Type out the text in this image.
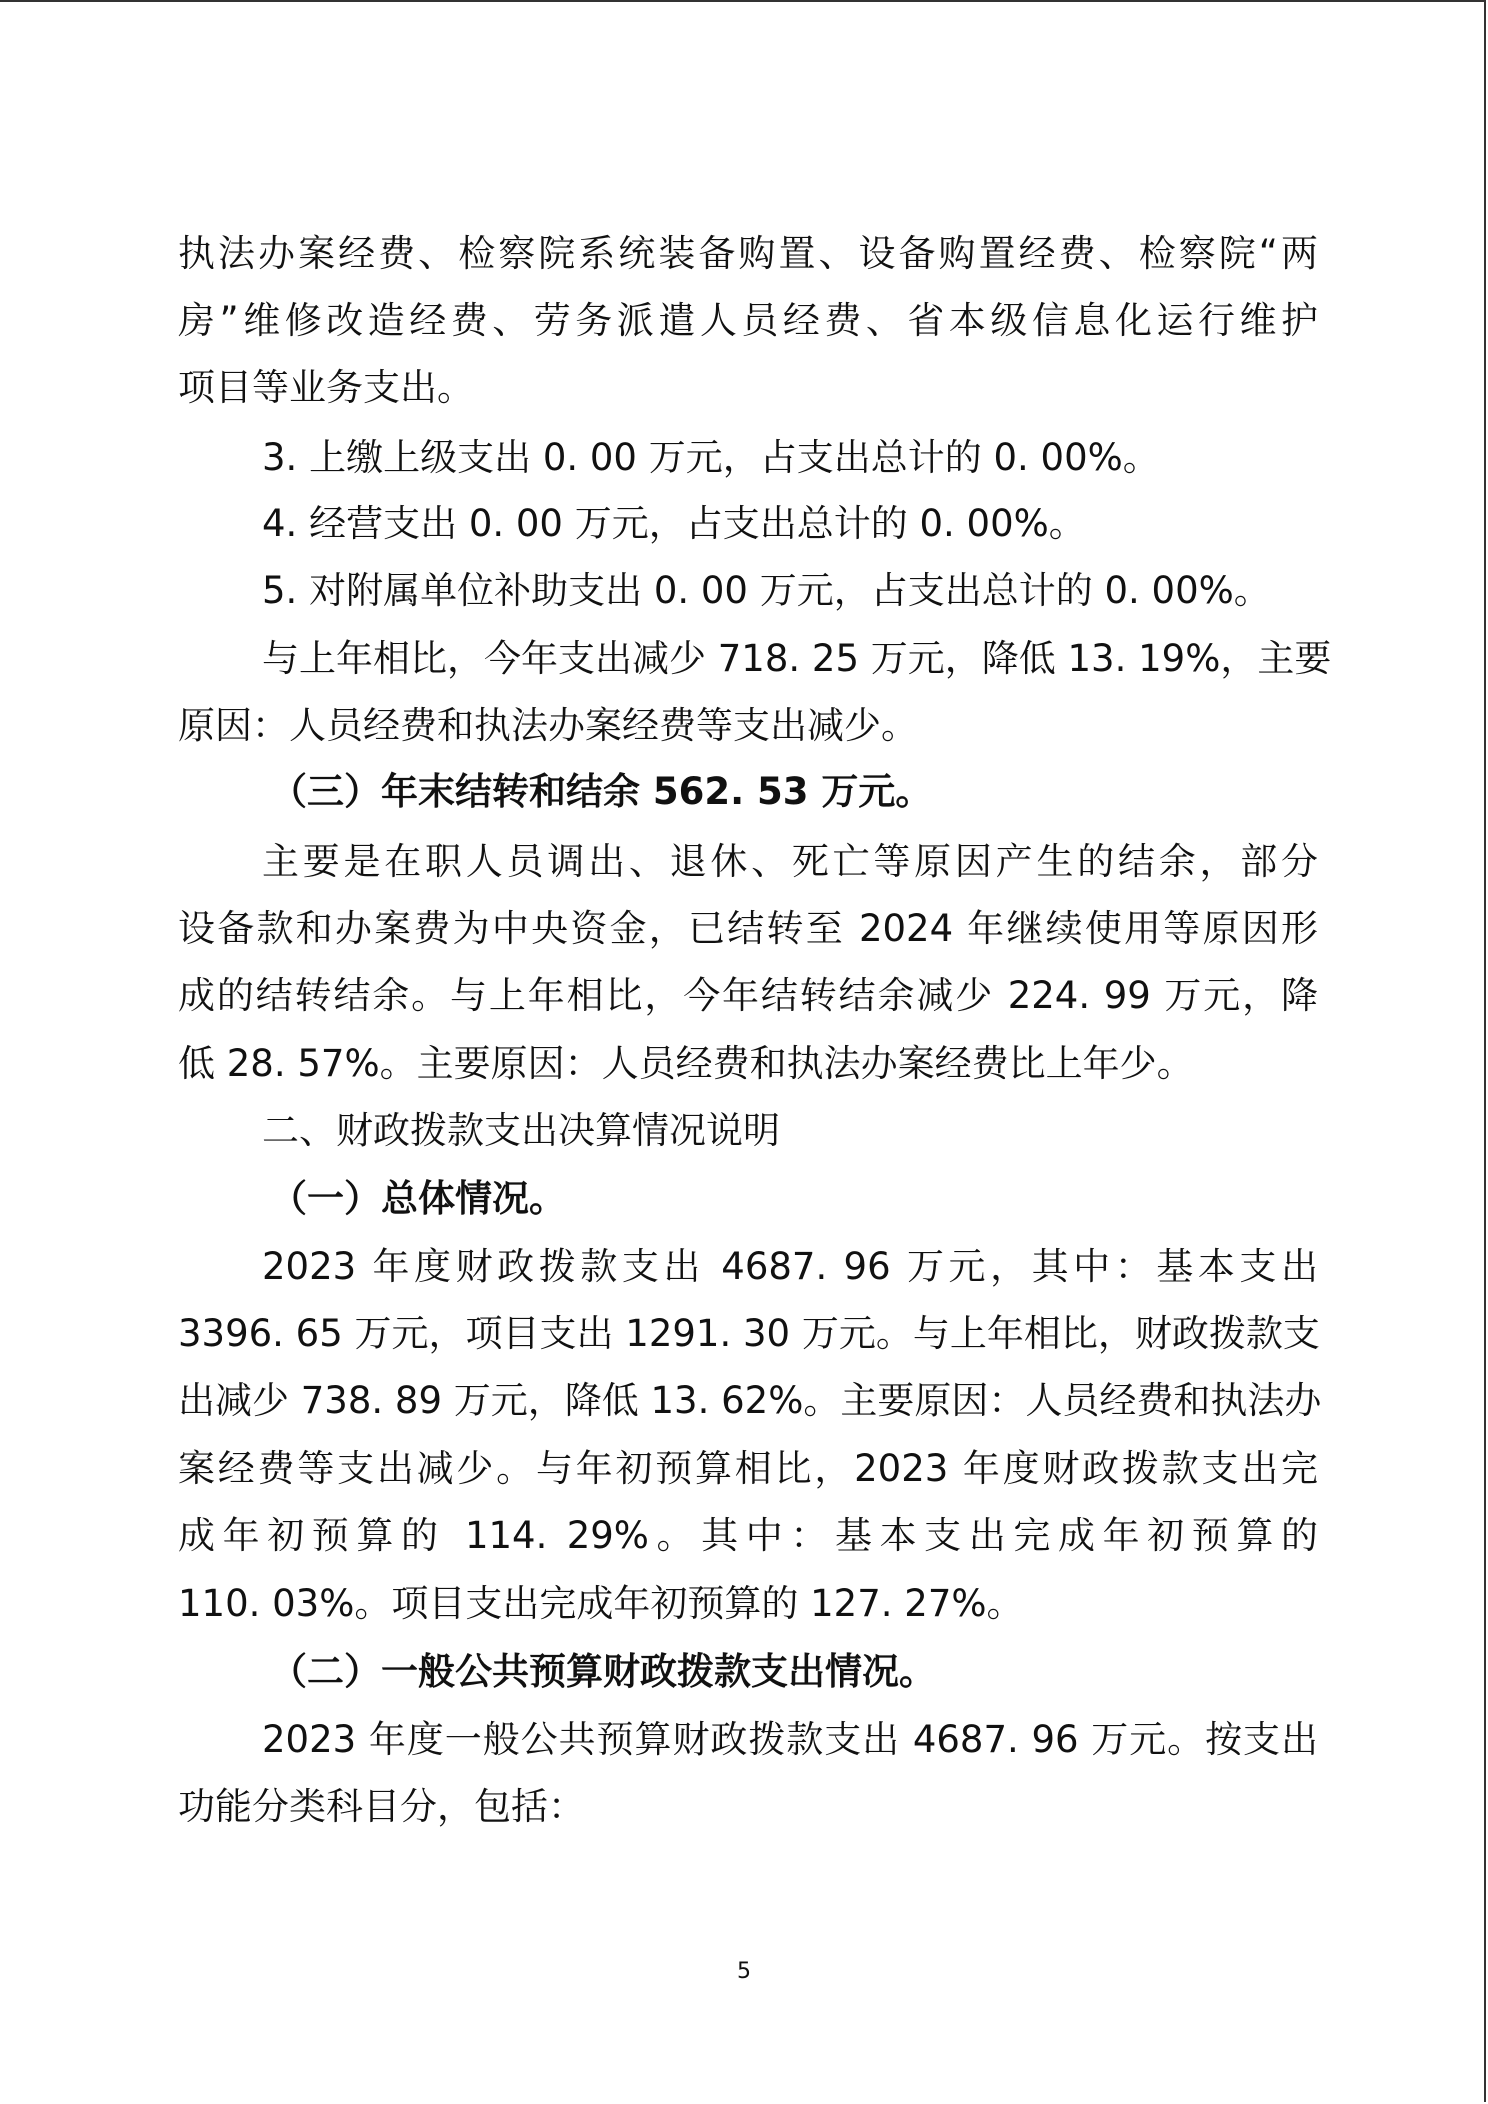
执法办案经费、检察院系统装备购置、设备购置经费、检察院“两
房”维修改造经费、劳务派遣人员经费、省本级信息化运行维护
项目等业务支出。
3. 上缴上级支出 0. 00 万元，占支出总计的 0. 00%。
4. 经营支出 0. 00 万元，占支出总计的 0. 00%。
5. 对附属单位补助支出 0. 00 万元，占支出总计的 0. 00%。
与上年相比，今年支出减少 718. 25 万元，降低 13. 19%，主要
原因：人员经费和执法办案经费等支出减少。
（三）年末结转和结余 562. 53 万元。
主要是在职人员调出、退休、死亡等原因产生的结余，部分
设备款和办案费为中央资金，已结转至 2024 年继续使用等原因形
成的结转结余。与上年相比，今年结转结余减少 224. 99 万元，降
低 28. 57%。主要原因：人员经费和执法办案经费比上年少。
二、财政拨款支出决算情况说明
（一）总体情况。
2023 年度财政拨款支出 4687. 96 万元，其中：基本支出
3396. 65 万元，项目支出 1291. 30 万元。与上年相比，财政拨款支
出减少 738. 89 万元，降低 13. 62%。主要原因：人员经费和执法办
案经费等支出减少。与年初预算相比，2023 年度财政拨款支出完
成年初预算的 114. 29%。其中：基本支出完成年初预算的
110. 03%。项目支出完成年初预算的 127. 27%。
（二）一般公共预算财政拨款支出情况。
2023 年度一般公共预算财政拨款支出 4687. 96 万元。按支出
功能分类科目分，包括：
5
